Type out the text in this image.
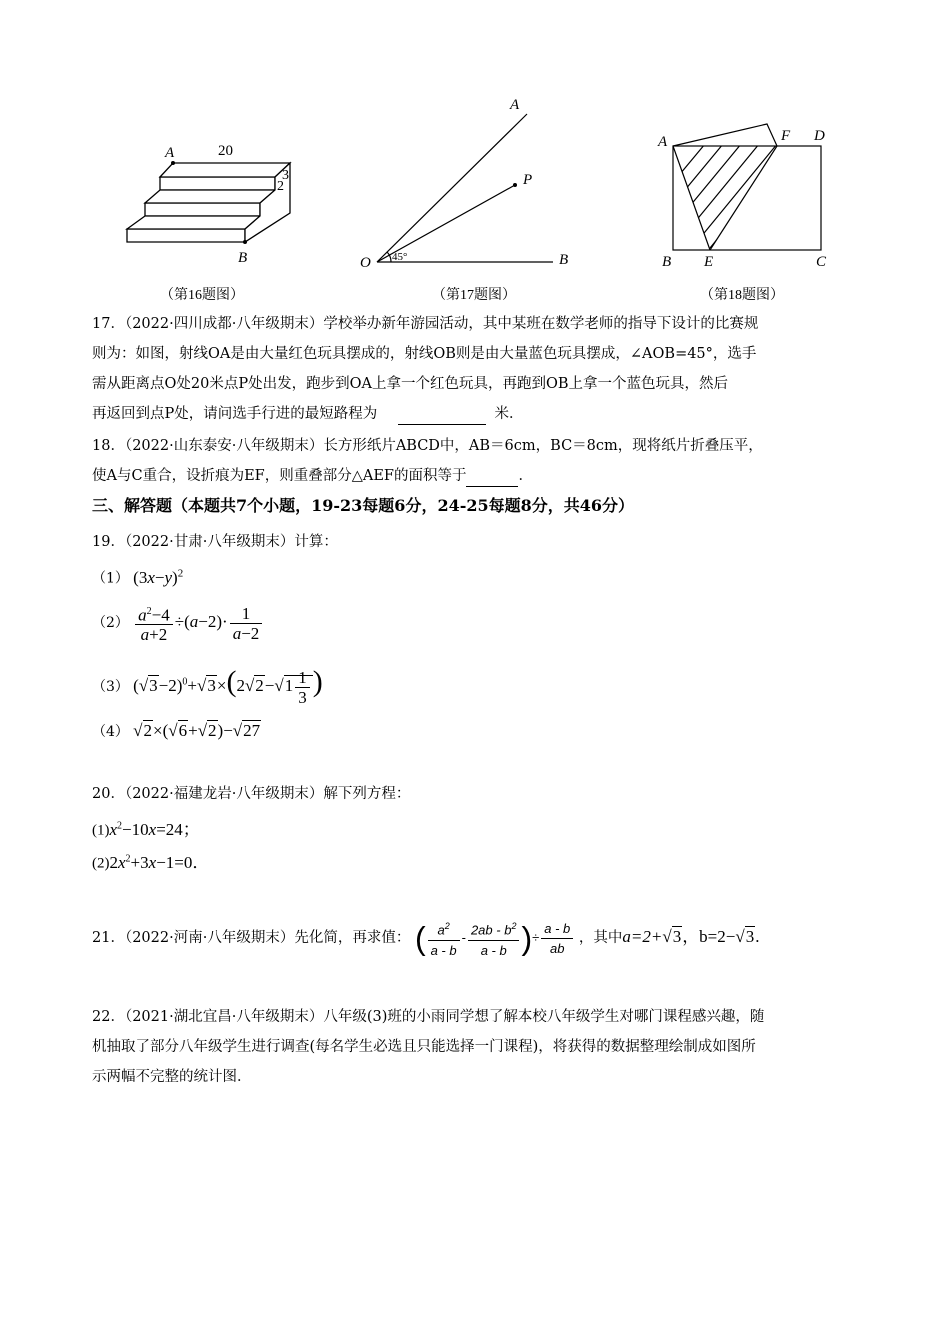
A	20
3
2
B
（第16题图）
A
P
O 45°	B
（第17题图）
A	F D
B E	C
（第18题图）
17．（2022·四川成都·八年级期末）学校举办新年游园活动，其中某班在数学老师的指导下设计的比赛规
则为：如图，射线OA是由大量红色玩具摆成的，射线OB则是由大量蓝色玩具摆成，∠AOB=45°，选手
需从距离点O处20米点P处出发，跑步到OA上拿一个红色玩具，再跑到OB上拿一个蓝色玩具，然后
再返回到点P处，请问选手行进的最短路程为	米．
18．（2022·山东泰安·八年级期末）长方形纸片ABCD中，AB＝6cm，BC＝8cm，现将纸片折叠压平，
使A与C重合，设折痕为EF，则重叠部分△AEF的面积等于	．
三、解答题（本题共7个小题，19-23每题6分，24-25每题8分，共46分）
19．（2022·甘肃·八年级期末）计算：
（1） $(3x-y)^2$
$(2) \frac{a^2-4}{a+2} \div(a-2)\cdot \frac{1}{a-2}$
（3） $(√3-2)^0+√3\times(2√2-√1 \frac{1}{3}$ )
（4） √2×(√6+√2)−√27
20．（2022·福建龙岩·八年级期末）解下列方程：
$(1)x^2-10x=24$；
$(2)2x^2+3x-1=0$．
21．（2022·河南·八年级期末）先化简，再求值： ( $\frac{a^2}{a - b} - \frac{2ab - b^2}{a - b}$ )÷ $\frac{a - b}{ab}$ ，其中a=2+√3，b=2−√3.
22．（2021·湖北宜昌·八年级期末）八年级(3)班的小雨同学想了解本校八年级学生对哪门课程感兴趣，随
机抽取了部分八年级学生进行调查(每名学生必选且只能选择一门课程)，将获得的数据整理绘制成如图所
示两幅不完整的统计图．
